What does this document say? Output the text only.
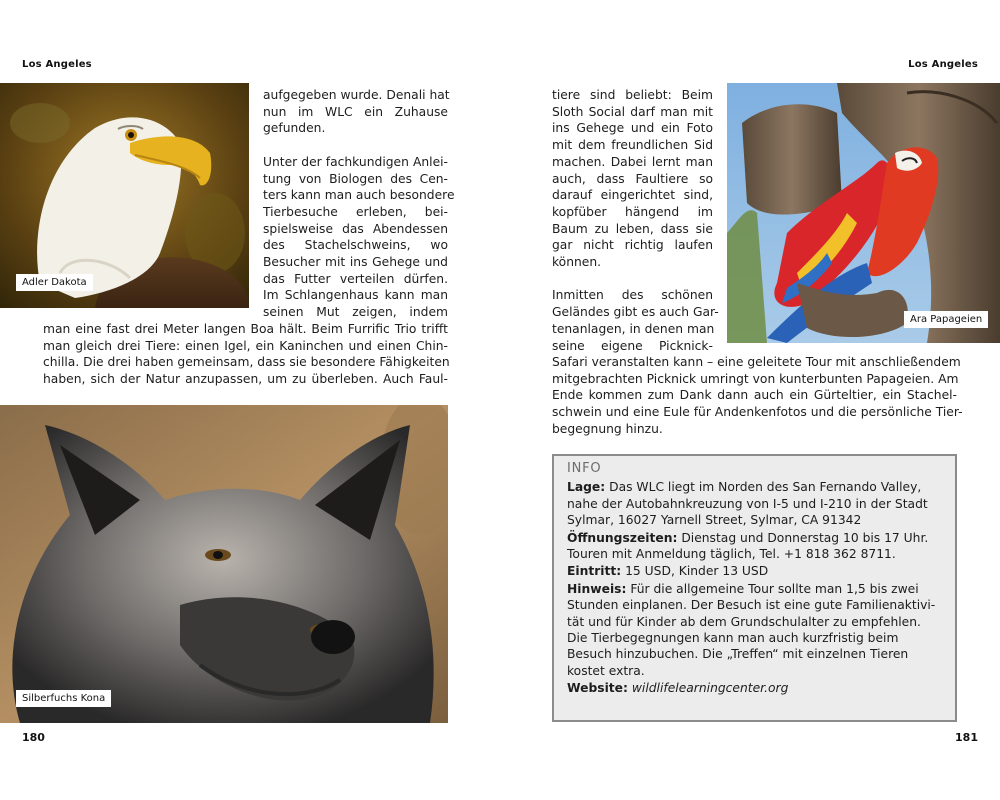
Los Angeles	Los Angeles
Adler Dakota
aufgegeben wurde. Denali hat
nun im WLC ein Zuhause
gefunden.

Unter der fachkundigen Anlei-
tung von Biologen des Cen-
ters kann man auch besondere
Tierbesuche erleben, bei-
spielsweise das Abendessen
des Stachelschweins, wo
Besucher mit ins Gehege und
das Futter verteilen dürfen.
Im Schlangenhaus kann man
seinen Mut zeigen, indem
man eine fast drei Meter langen Boa hält. Beim Furrific Trio trifft
man gleich drei Tiere: einen Igel, ein Kaninchen und einen Chin-
chilla. Die drei haben gemeinsam, dass sie besondere Fähigkeiten
haben, sich der Natur anzupassen, um zu überleben. Auch Faul-
Silberfuchs Kona
180
tiere sind beliebt: Beim
Sloth Social darf man mit
ins Gehege und ein Foto
mit dem freundlichen Sid
machen. Dabei lernt man
auch, dass Faultiere so
darauf eingerichtet sind,
kopfüber hängend im
Baum zu leben, dass sie
gar nicht richtig laufen
können.

Inmitten des schönen
Geländes gibt es auch Gar-
tenanlagen, in denen man
seine eigene Picknick-
Ara Papageien
Safari veranstalten kann – eine geleitete Tour mit anschließendem
mitgebrachten Picknick umringt von kunterbunten Papageien. Am
Ende kommen zum Dank dann auch ein Gürteltier, ein Stachel-
schwein und eine Eule für Andenkenfotos und die persönliche Tier-
begegnung hinzu.
INFO
Lage: Das WLC liegt im Norden des San Fernando Valley,
nahe der Autobahnkreuzung von I-5 und I-210 in der Stadt
Sylmar, 16027 Yarnell Street, Sylmar, CA 91342
Öffnungszeiten: Dienstag und Donnerstag 10 bis 17 Uhr.
Touren mit Anmeldung täglich, Tel. +1 818 362 8711.
Eintritt: 15 USD, Kinder 13 USD
Hinweis: Für die allgemeine Tour sollte man 1,5 bis zwei
Stunden einplanen. Der Besuch ist eine gute Familienaktivi-
tät und für Kinder ab dem Grundschulalter zu empfehlen.
Die Tierbegegnungen kann man auch kurzfristig beim
Besuch hinzubuchen. Die „Treffen“ mit einzelnen Tieren
kostet extra.
Website: wildlifelearningcenter.org
181
